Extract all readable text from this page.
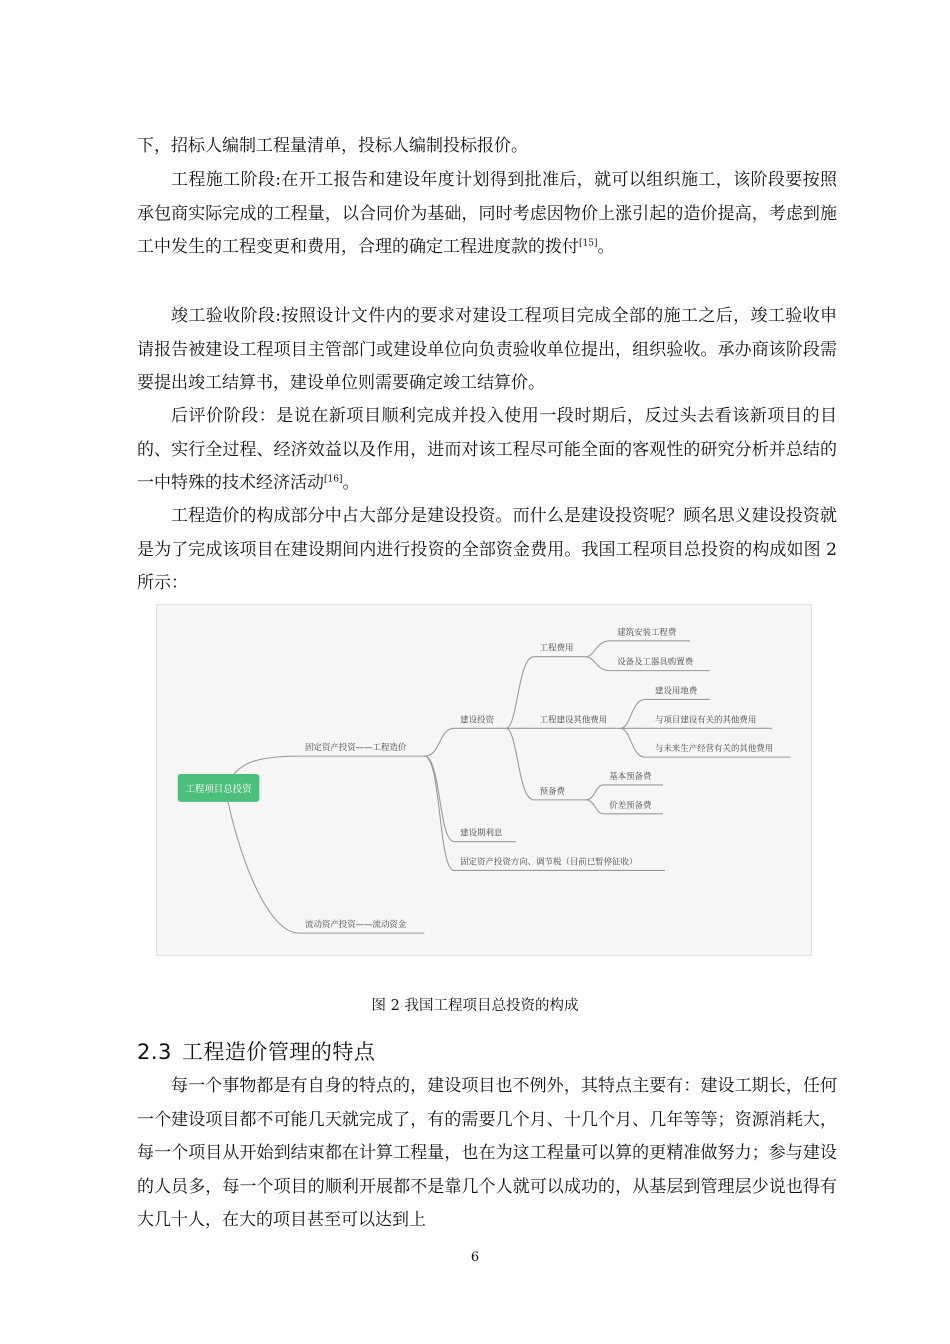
下，招标人编制工程量清单，投标人编制投标报价。

工程施工阶段:在开工报告和建设年度计划得到批准后，就可以组织施工，该阶段要按照承包商实际完成的工程量，以合同价为基础，同时考虑因物价上涨引起的造价提高，考虑到施工中发生的工程变更和费用，合理的确定工程进度款的拨付[15]。

竣工验收阶段:按照设计文件内的要求对建设工程项目完成全部的施工之后，竣工验收申请报告被建设工程项目主管部门或建设单位向负责验收单位提出，组织验收。承办商该阶段需要提出竣工结算书，建设单位则需要确定竣工结算价。

后评价阶段：是说在新项目顺利完成并投入使用一段时期后，反过头去看该新项目的目的、实行全过程、经济效益以及作用，进而对该工程尽可能全面的客观性的研究分析并总结的一中特殊的技术经济活动[16]。

工程造价的构成部分中占大部分是建设投资。而什么是建设投资呢？顾名思义建设投资就是为了完成该项目在建设期间内进行投资的全部资金费用。我国工程项目总投资的构成如图 2 所示：

工程项目总投资
固定资产投资——工程造价
流动资产投资——流动资金
建设投资
建设期利息
固定资产投资方向、调节税（目前已暂停征收）
工程费用
工程建设其他费用
预备费
建筑安装工程费
设备及工器具购置费
建设用地费
与项目建设有关的其他费用
与未来生产经营有关的其他费用
基本预备费
价差预备费
图 2 我国工程项目总投资的构成
2.3 工程造价管理的特点

每一个事物都是有自身的特点的，建设项目也不例外，其特点主要有：建设工期长，任何一个建设项目都不可能几天就完成了，有的需要几个月、十几个月、几年等等；资源消耗大，每一个项目从开始到结束都在计算工程量，也在为这工程量可以算的更精准做努力；参与建设的人员多，每一个项目的顺利开展都不是靠几个人就可以成功的，从基层到管理层少说也得有大几十人，在大的项目甚至可以达到上

6
